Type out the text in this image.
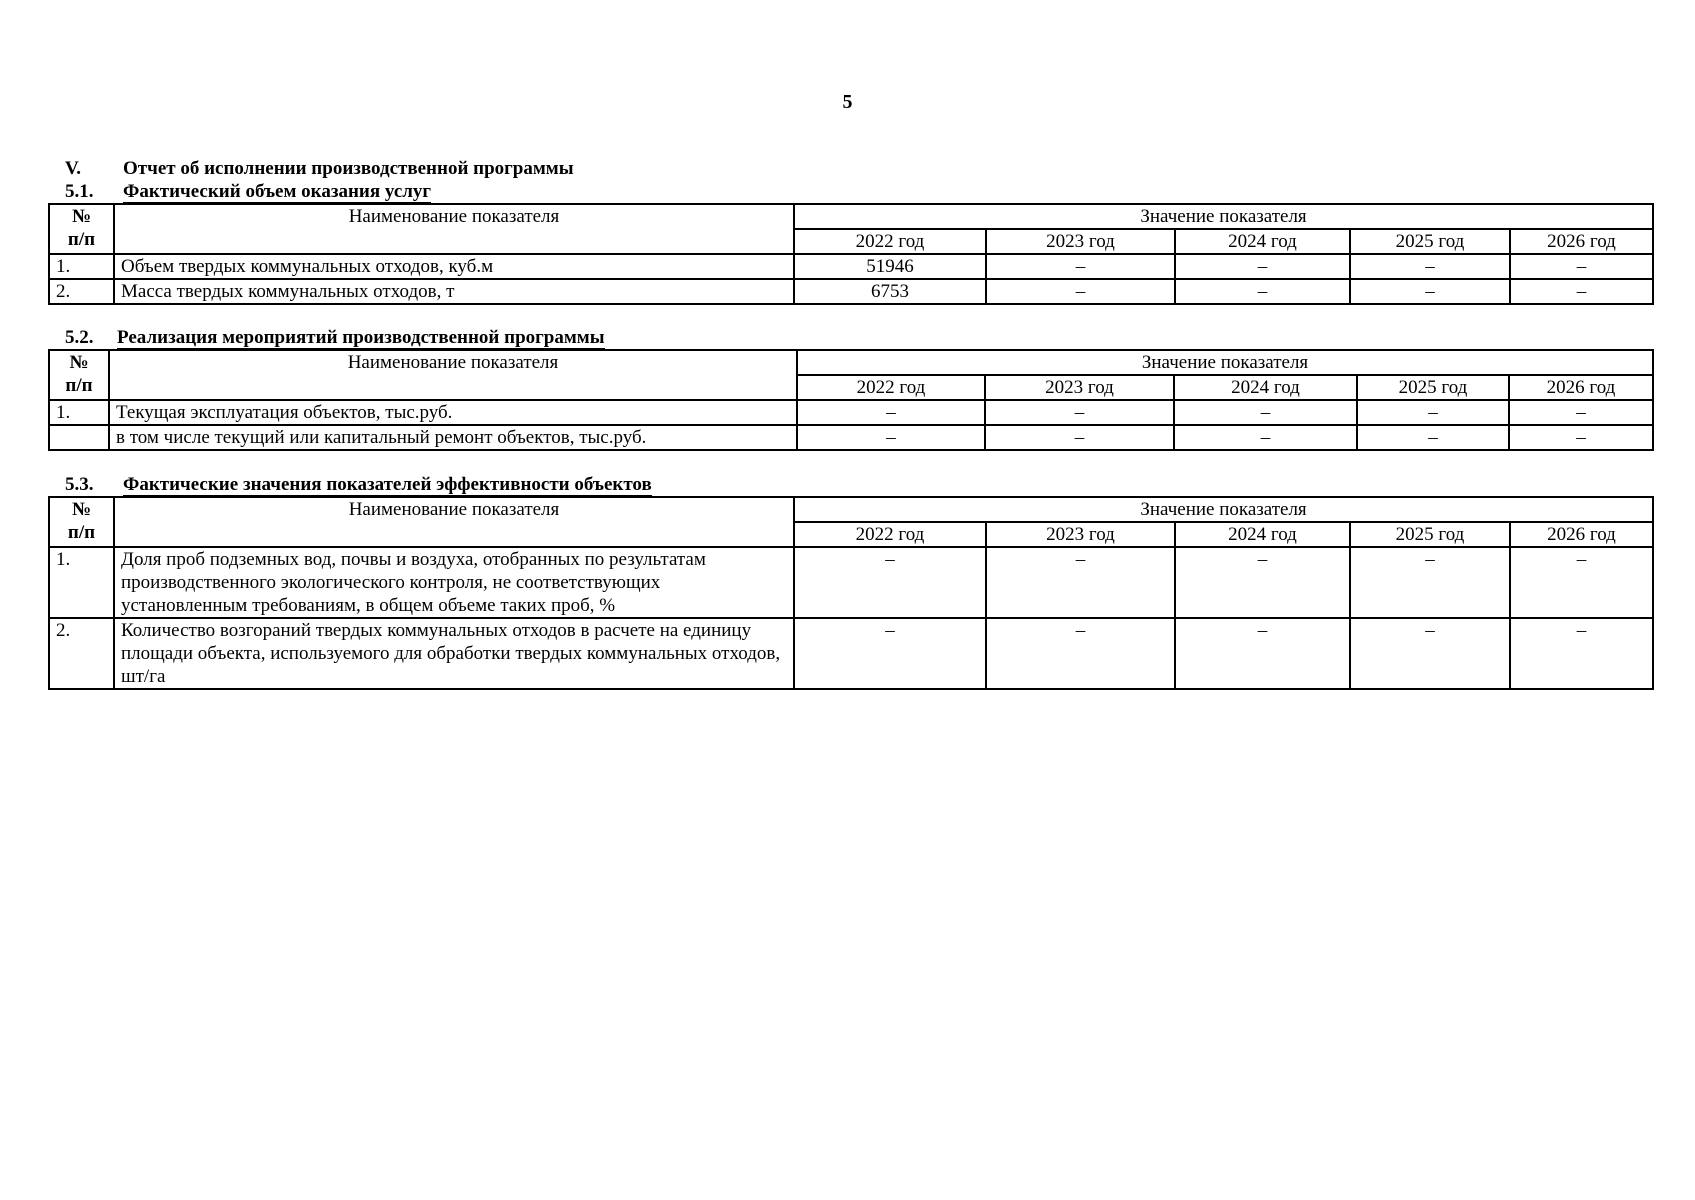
5
V. Отчет об исполнении производственной программы
5.1. Фактический объем оказания услуг
№
п/п	Наименование показателя	Значение показателя				
		2022 год	2023 год	2024 год	2025 год	2026 год
1.	Объем твердых коммунальных отходов, куб.м	51946	–	–	–	–
2.	Масса твердых коммунальных отходов, т	6753	–	–	–	–
5.2. Реализация мероприятий производственной программы
№
п/п	Наименование показателя	Значение показателя				
		2022 год	2023 год	2024 год	2025 год	2026 год
1.	Текущая эксплуатация объектов, тыс.руб.	–	–	–	–	–
	в том числе текущий или капитальный ремонт объектов, тыс.руб.	–	–	–	–	–
5.3. Фактические значения показателей эффективности объектов
№
п/п	Наименование показателя	Значение показателя				
		2022 год	2023 год	2024 год	2025 год	2026 год
1.	Доля проб подземных вод, почвы и воздуха, отобранных по результатам производственного экологического контроля, не соответствующих установленным требованиям, в общем объеме таких проб, %	–	–	–	–	–
2.	Количество возгораний твердых коммунальных отходов в расчете на единицу площади объекта, используемого для обработки твердых коммунальных отходов, шт/га	–	–	–	–	–
